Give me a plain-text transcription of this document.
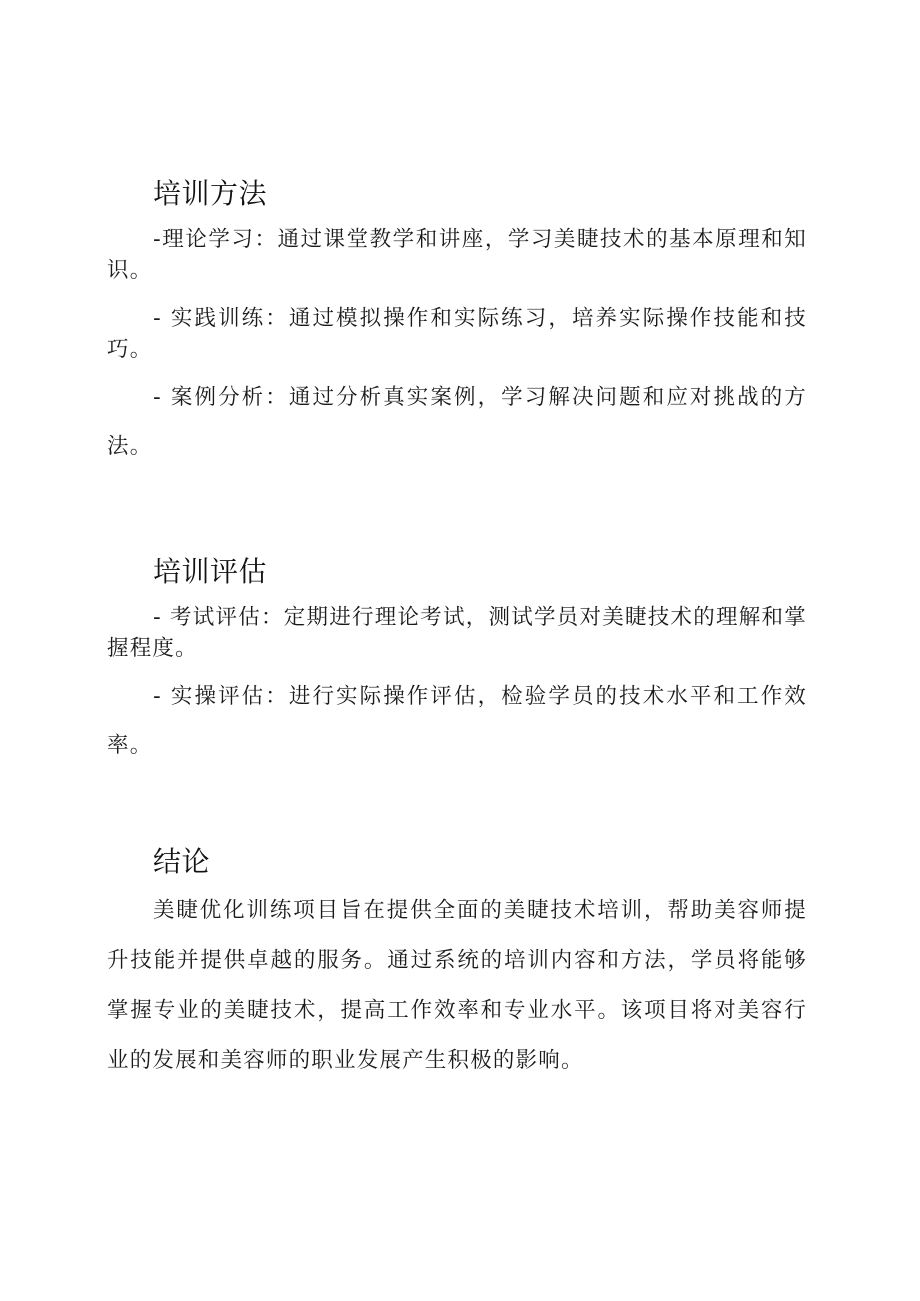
培训方法

-理论学习：通过课堂教学和讲座，学习美睫技术的基本原理和知识。

- 实践训练：通过模拟操作和实际练习，培养实际操作技能和技巧。

- 案例分析：通过分析真实案例，学习解决问题和应对挑战的方法。

培训评估

- 考试评估：定期进行理论考试，测试学员对美睫技术的理解和掌握程度。

- 实操评估：进行实际操作评估，检验学员的技术水平和工作效率。

结论

美睫优化训练项目旨在提供全面的美睫技术培训，帮助美容师提升技能并提供卓越的服务。通过系统的培训内容和方法，学员将能够掌握专业的美睫技术，提高工作效率和专业水平。该项目将对美容行业的发展和美容师的职业发展产生积极的影响。
